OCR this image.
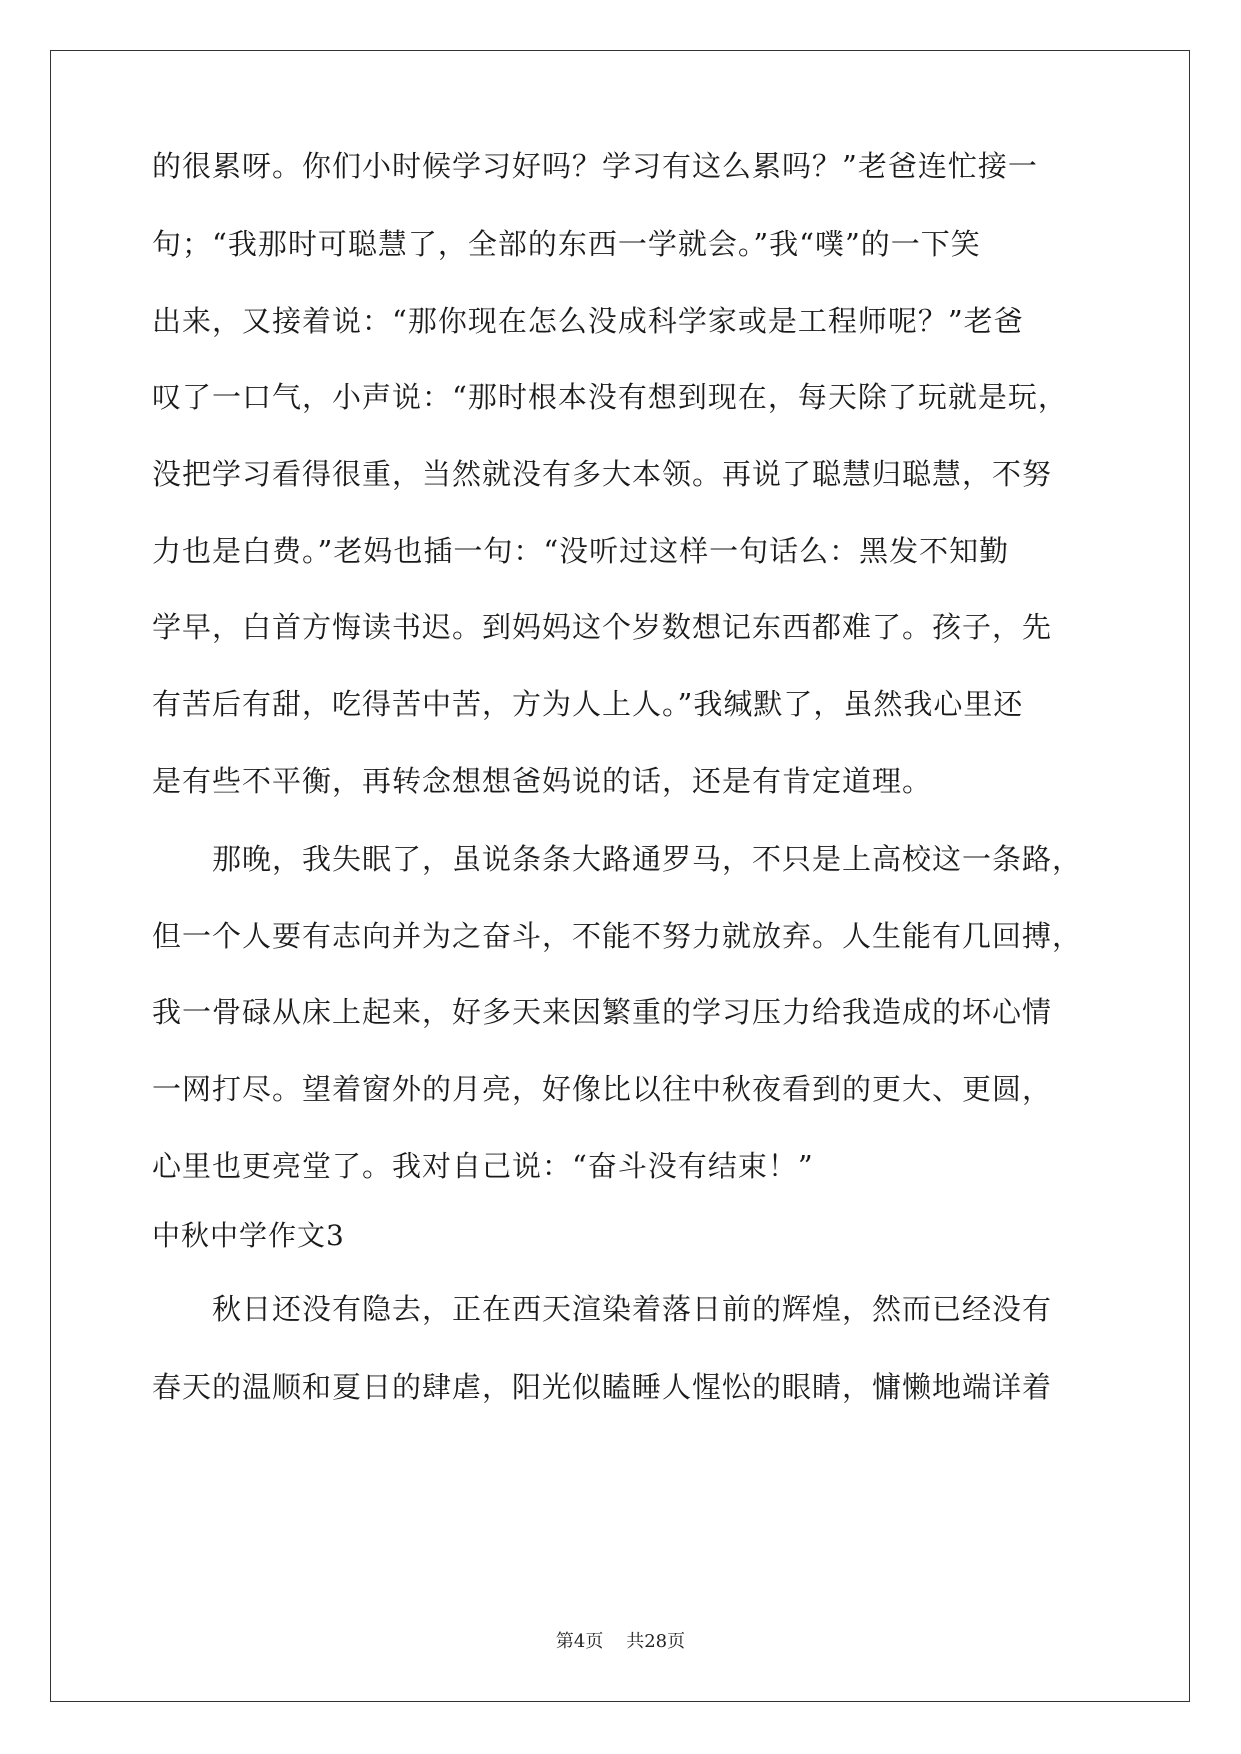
的很累呀。你们小时候学习好吗？学习有这么累吗？”老爸连忙接一
句；“我那时可聪慧了，全部的东西一学就会。”我“噗”的一下笑
出来，又接着说：“那你现在怎么没成科学家或是工程师呢？”老爸
叹了一口气，小声说：“那时根本没有想到现在，每天除了玩就是玩，
没把学习看得很重，当然就没有多大本领。再说了聪慧归聪慧，不努
力也是白费。”老妈也插一句：“没听过这样一句话么：黑发不知勤
学早，白首方悔读书迟。到妈妈这个岁数想记东西都难了。孩子，先
有苦后有甜，吃得苦中苦，方为人上人。”我缄默了，虽然我心里还
是有些不平衡，再转念想想爸妈说的话，还是有肯定道理。
那晚，我失眠了，虽说条条大路通罗马，不只是上高校这一条路，
但一个人要有志向并为之奋斗，不能不努力就放弃。人生能有几回搏，
我一骨碌从床上起来，好多天来因繁重的学习压力给我造成的坏心情
一网打尽。望着窗外的月亮，好像比以往中秋夜看到的更大、更圆，
心里也更亮堂了。我对自己说：“奋斗没有结束！”
中秋中学作文3
秋日还没有隐去，正在西天渲染着落日前的辉煌，然而已经没有
春天的温顺和夏日的肆虐，阳光似瞌睡人惺忪的眼睛，慵懒地端详着
第4页    共28页
